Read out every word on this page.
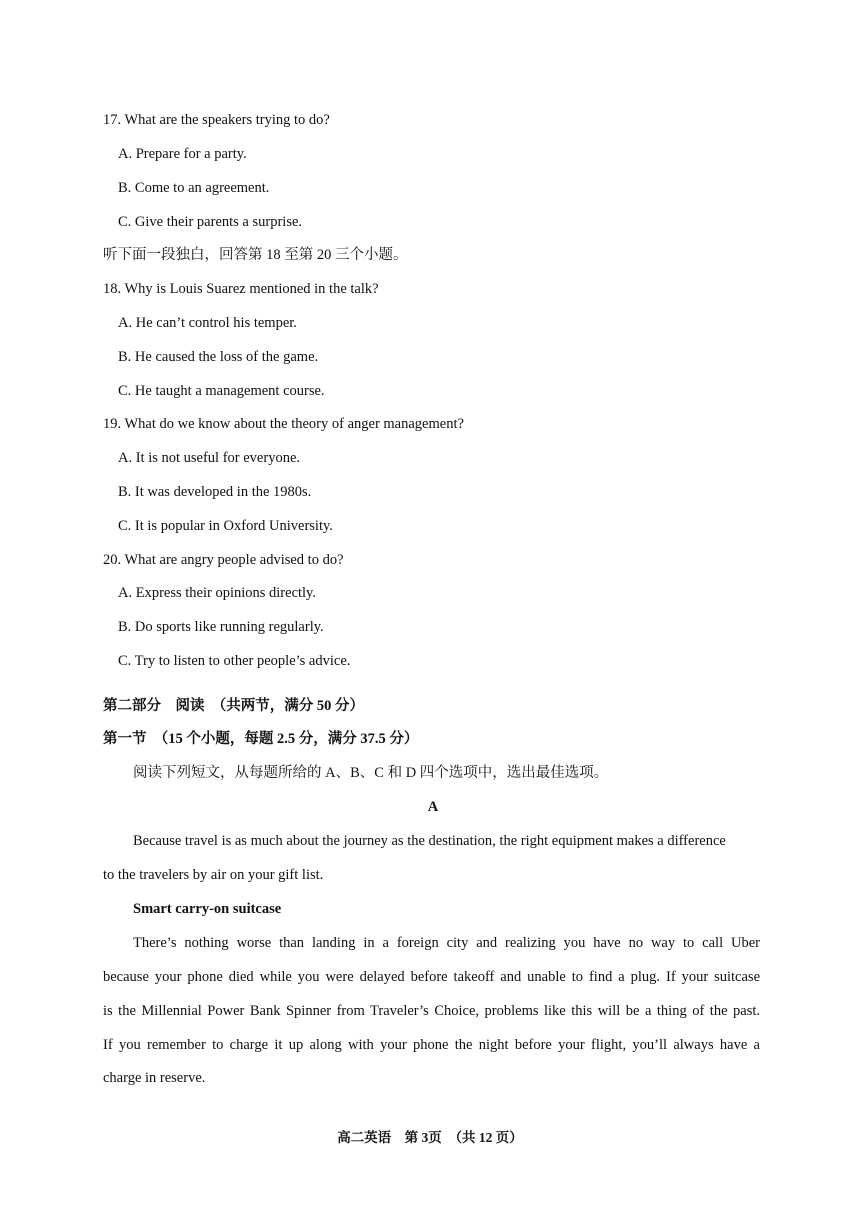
17. What are the speakers trying to do?
A. Prepare for a party.
B. Come to an agreement.
C. Give their parents a surprise.
听下面一段独白，回答第 18 至第 20 三个小题。
18. Why is Louis Suarez mentioned in the talk?
A. He can’t control his temper.
B. He caused the loss of the game.
C. He taught a management course.
19. What do we know about the theory of anger management?
A. It is not useful for everyone.
B. It was developed in the 1980s.
C. It is popular in Oxford University.
20. What are angry people advised to do?
A. Express their opinions directly.
B. Do sports like running regularly.
C. Try to listen to other people’s advice.
第二部分　阅读　（共两节，满分 50 分）
第一节　（15 个小题，每题 2.5 分，满分 37.5 分）
阅读下列短文，从每题所给的 A、B、C 和 D 四个选项中，选出最佳选项。
A
Because travel is as much about the journey as the destination, the right equipment makes a difference
to the travelers by air on your gift list.
Smart carry-on suitcase
There’s nothing worse than landing in a foreign city and realizing you have no way to call Uber
because your phone died while you were delayed before takeoff and unable to find a plug. If your suitcase
is the Millennial Power Bank Spinner from Traveler’s Choice, problems like this will be a thing of the past.
If you remember to charge it up along with your phone the night before your flight, you’ll always have a
charge in reserve.
高二英语　第 3页　（共 12 页）
